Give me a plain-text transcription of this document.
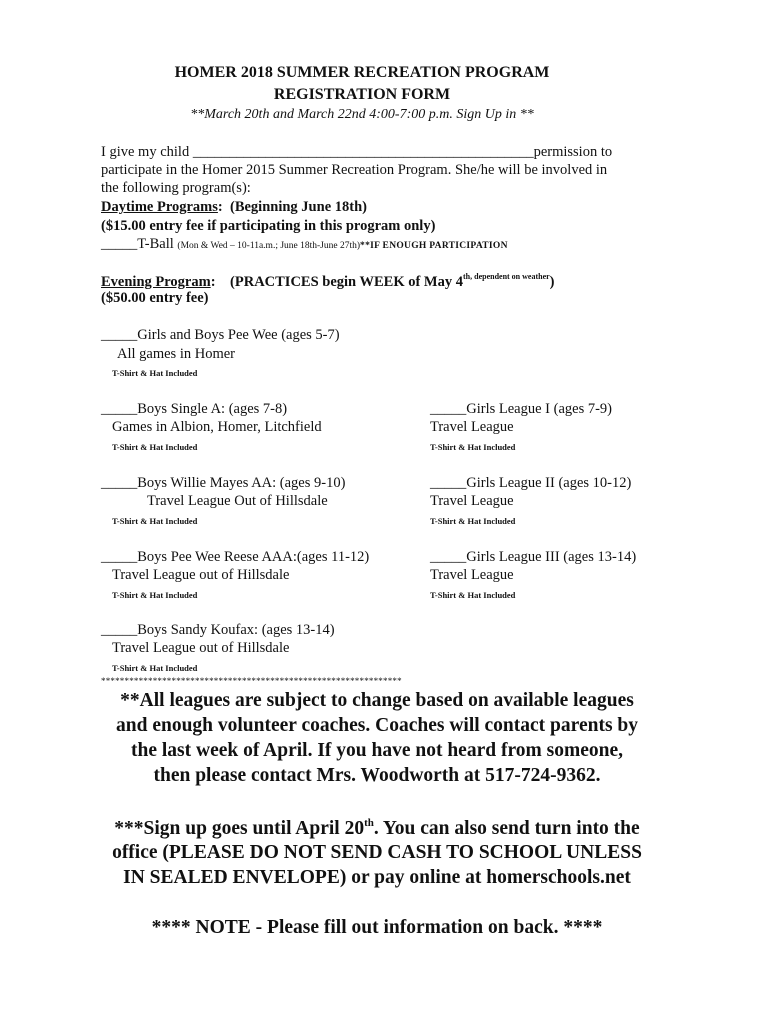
HOMER 2018 SUMMER RECREATION PROGRAM
REGISTRATION FORM
**March 20th and March 22nd 4:00-7:00 p.m. Sign Up in **
I give my child _______________________________________________permission to
participate in the Homer 2015 Summer Recreation Program. She/he will be involved in
the following program(s):
Daytime Programs: (Beginning June 18th)
($15.00 entry fee if participating in this program only)
_____T-Ball (Mon & Wed – 10-11a.m.; June 18th-June 27th)**IF ENOUGH PARTICIPATION
Evening Program: (PRACTICES begin WEEK of May $4^{th, dependent on weather}$)
($50.00 entry fee)
_____Girls and Boys Pee Wee (ages 5-7)
All games in Homer
T-Shirt & Hat Included
_____Boys Single A: (ages 7-8)
Games in Albion, Homer, Litchfield
T-Shirt & Hat Included
_____Girls League I (ages 7-9)
Travel League
T-Shirt & Hat Included
_____Boys Willie Mayes AA: (ages 9-10)
Travel League Out of Hillsdale
T-Shirt & Hat Included
_____Girls League II (ages 10-12)
Travel League
T-Shirt & Hat Included
_____Boys Pee Wee Reese AAA:(ages 11-12)
Travel League out of Hillsdale
T-Shirt & Hat Included
_____Girls League III (ages 13-14)
Travel League
T-Shirt & Hat Included
_____Boys Sandy Koufax: (ages 13-14)
Travel League out of Hillsdale
T-Shirt & Hat Included
****************************************************************
**All leagues are subject to change based on available leagues
and enough volunteer coaches. Coaches will contact parents by
the last week of April. If you have not heard from someone,
then please contact Mrs. Woodworth at 517-724-9362.
***Sign up goes until April 20th. You can also send turn into the
office (PLEASE DO NOT SEND CASH TO SCHOOL UNLESS
IN SEALED ENVELOPE) or pay online at homerschools.net
**** NOTE - Please fill out information on back. ****
